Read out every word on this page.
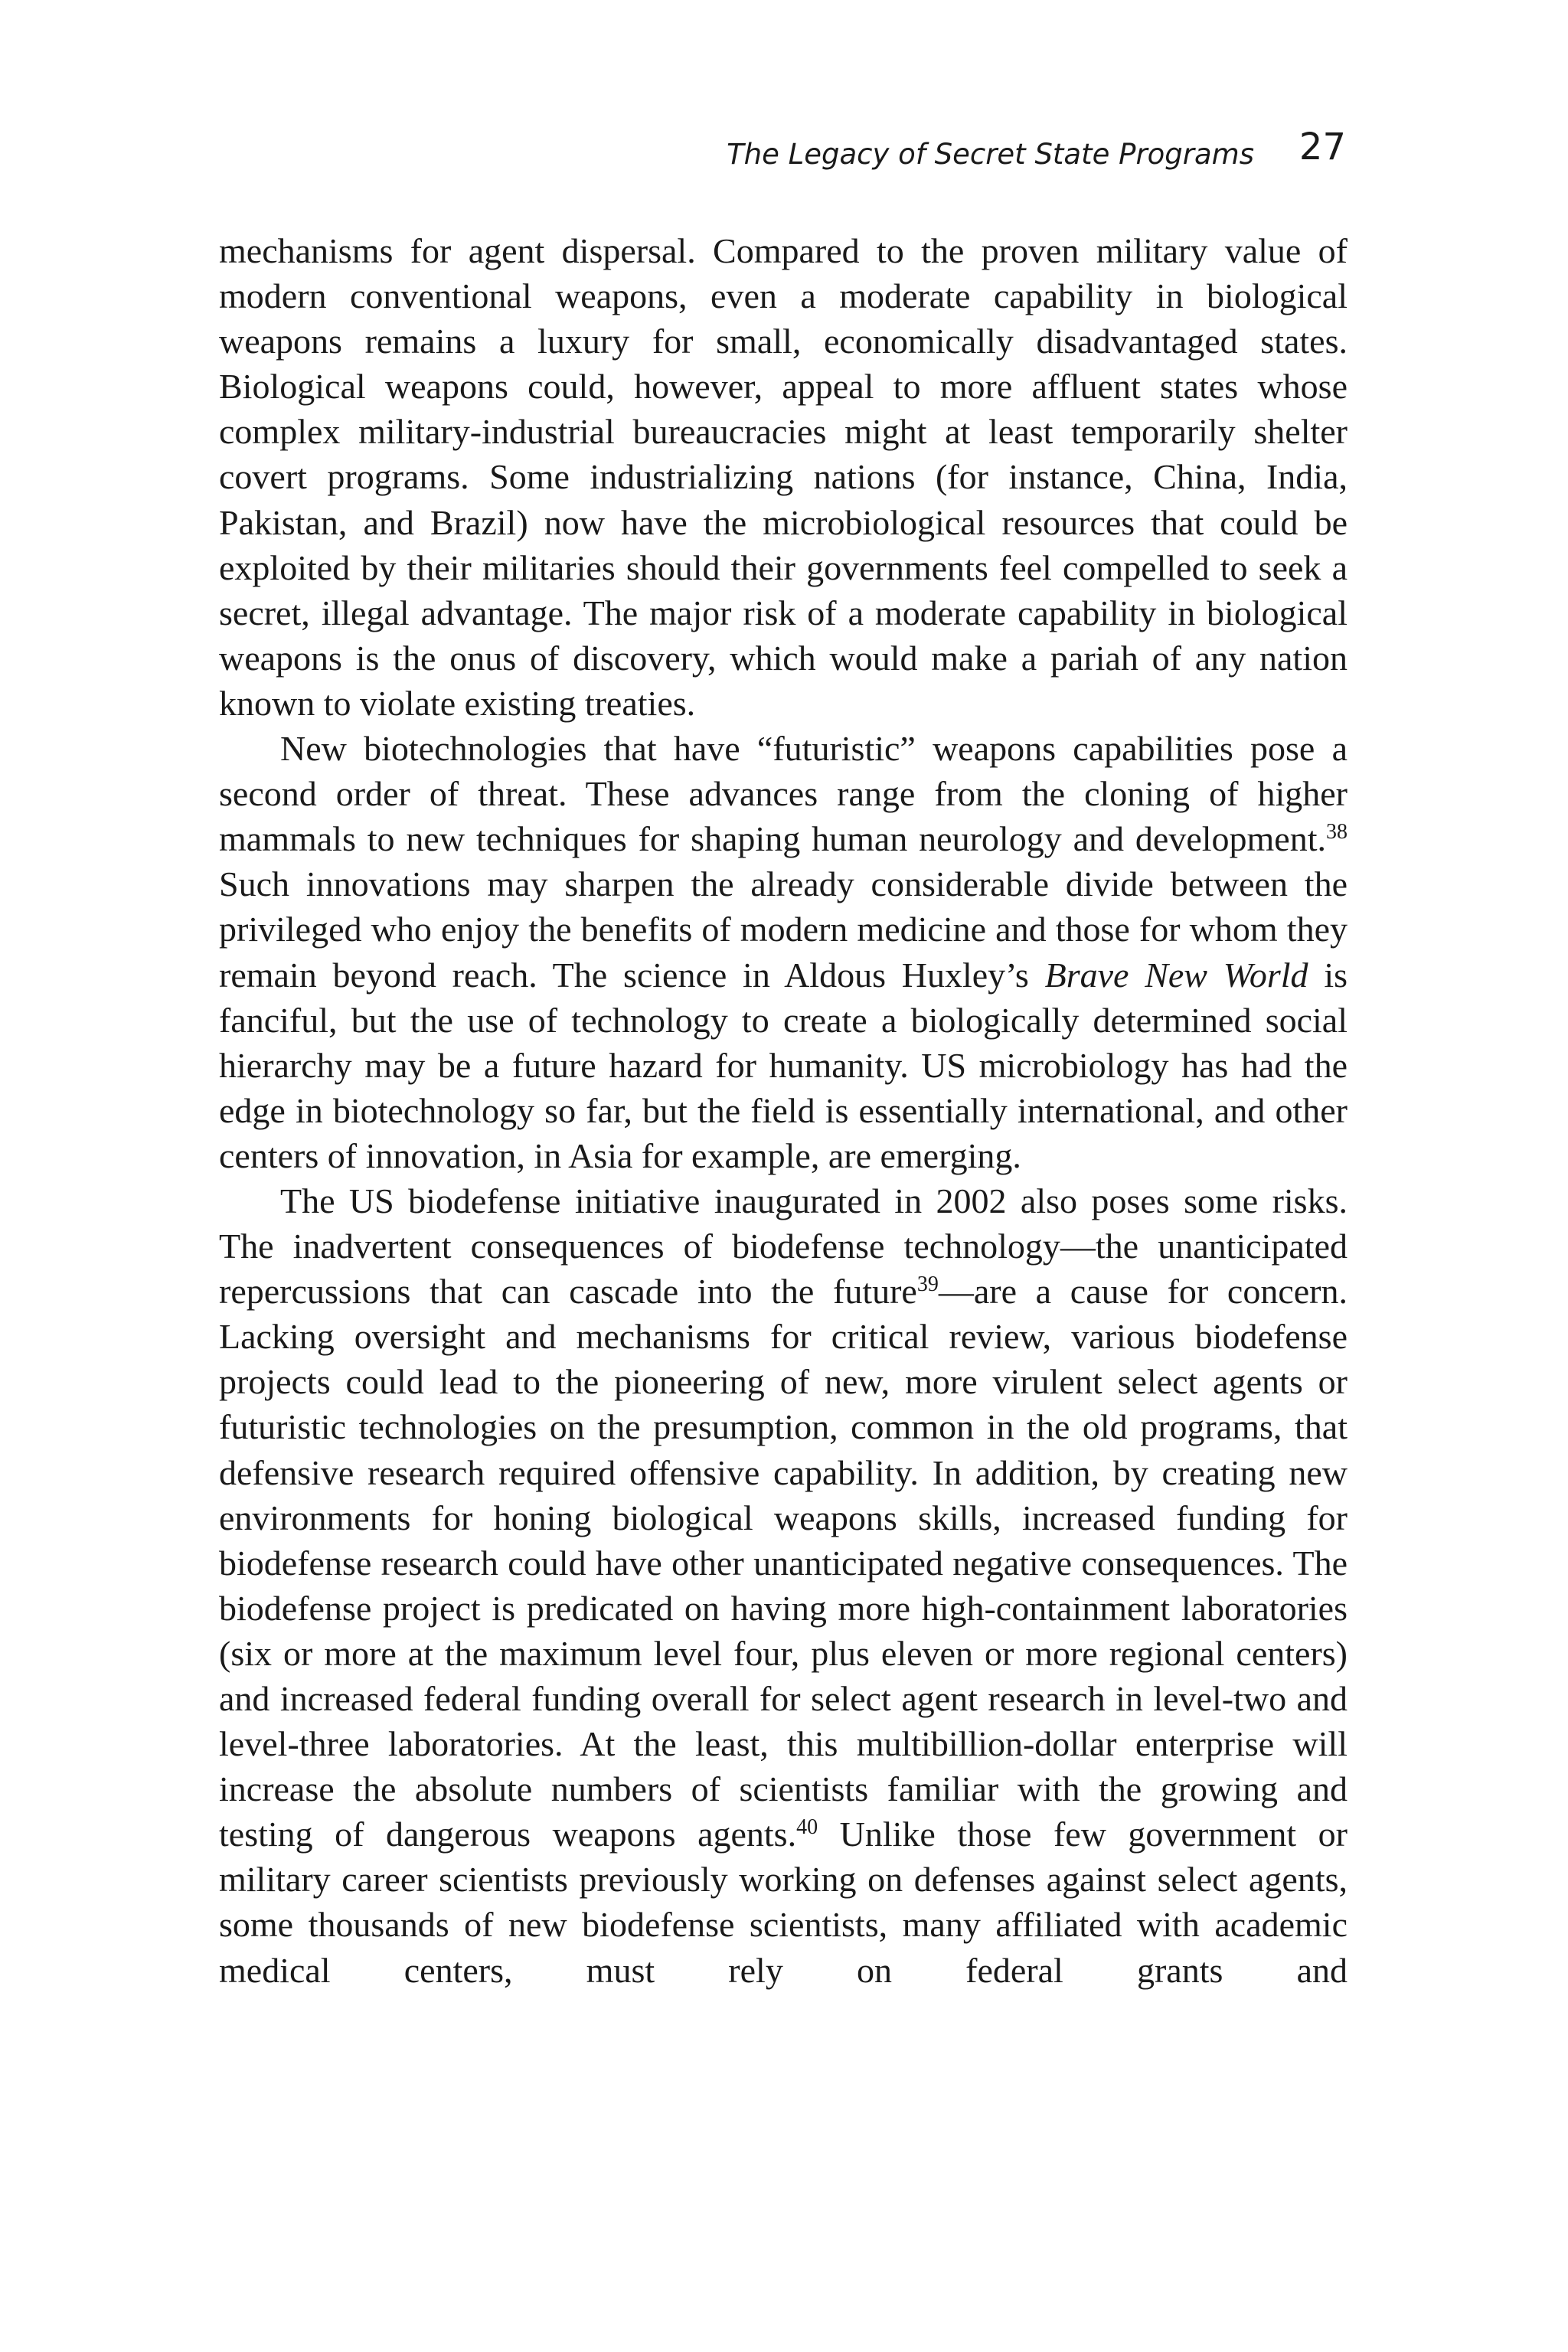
The Legacy of Secret State Programs 27

mechanisms for agent dispersal. Compared to the proven military value of modern conventional weapons, even a moderate capability in biological weapons remains a luxury for small, economically disadvantaged states. Biological weapons could, however, appeal to more affluent states whose complex military-industrial bureaucracies might at least temporarily shelter covert programs. Some industrializing nations (for instance, China, India, Pakistan, and Brazil) now have the microbiological resources that could be exploited by their militaries should their governments feel compelled to seek a secret, illegal advantage. The major risk of a moderate capability in biological weapons is the onus of discovery, which would make a pariah of any nation known to violate existing treaties.

New biotechnologies that have “futuristic” weapons capabilities pose a second order of threat. These advances range from the cloning of higher mammals to new techniques for shaping human neurology and development.$^{38}$ Such innovations may sharpen the already considerable divide between the privileged who enjoy the benefits of modern medicine and those for whom they remain beyond reach. The science in Aldous Huxley’s Brave New World is fanciful, but the use of technology to create a biologically determined social hierarchy may be a future hazard for humanity. US microbiology has had the edge in biotechnology so far, but the field is essentially international, and other centers of innovation, in Asia for example, are emerging.

The US biodefense initiative inaugurated in 2002 also poses some risks. The inadvertent consequences of biodefense technology—the unanticipated repercussions that can cascade into the future$^{39}$—are a cause for concern. Lacking oversight and mechanisms for critical review, various biodefense projects could lead to the pioneering of new, more virulent select agents or futuristic technologies on the presumption, common in the old programs, that defensive research required offensive capability. In addition, by creating new environments for honing biological weapons skills, increased funding for biodefense research could have other unanticipated negative consequences. The biodefense project is predicated on having more high-containment laboratories (six or more at the maximum level four, plus eleven or more regional centers) and increased federal funding overall for select agent research in level-two and level-three laboratories. At the least, this multibillion-dollar enterprise will increase the absolute numbers of scientists familiar with the growing and testing of dangerous weapons agents.$^{40}$ Unlike those few government or military career scientists previously working on defenses against select agents, some thousands of new biodefense scientists, many affiliated with academic medical centers, must rely on federal grants and
